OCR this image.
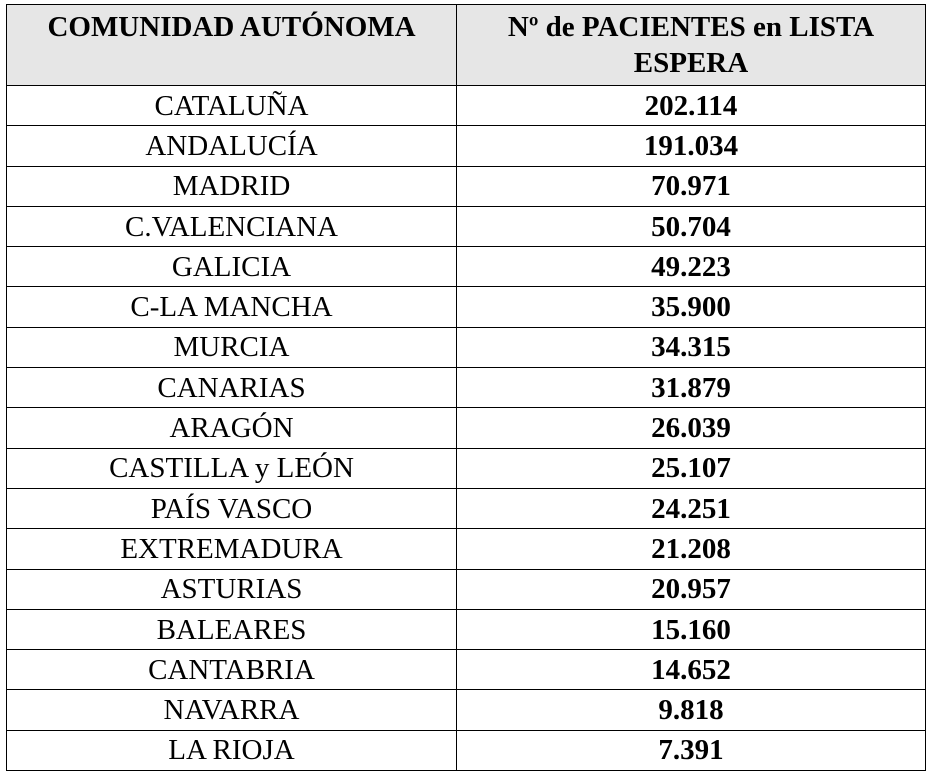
COMUNIDAD AUTÓNOMA	Nº de PACIENTES en LISTA ESPERA
CATALUÑA	202.114
ANDALUCÍA	191.034
MADRID	70.971
C.VALENCIANA	50.704
GALICIA	49.223
C-LA MANCHA	35.900
MURCIA	34.315
CANARIAS	31.879
ARAGÓN	26.039
CASTILLA y LEÓN	25.107
PAÍS VASCO	24.251
EXTREMADURA	21.208
ASTURIAS	20.957
BALEARES	15.160
CANTABRIA	14.652
NAVARRA	9.818
LA RIOJA	7.391
